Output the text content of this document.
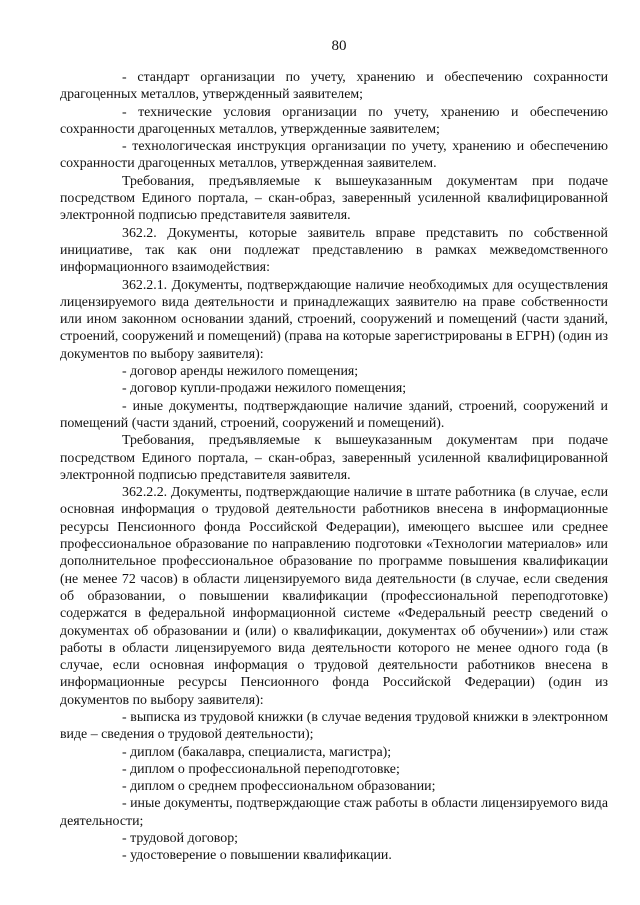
80

- стандарт организации по учету, хранению и обеспечению сохранности драгоценных металлов, утвержденный заявителем;

- технические условия организации по учету, хранению и обеспечению сохранности драгоценных металлов, утвержденные заявителем;

- технологическая инструкция организации по учету, хранению и обеспечению сохранности драгоценных металлов, утвержденная заявителем.

Требования, предъявляемые к вышеуказанным документам при подаче посредством Единого портала, – скан-образ, заверенный усиленной квалифицированной электронной подписью представителя заявителя.

362.2. Документы, которые заявитель вправе представить по собственной инициативе, так как они подлежат представлению в рамках межведомственного информационного взаимодействия:

362.2.1. Документы, подтверждающие наличие необходимых для осуществления лицензируемого вида деятельности и принадлежащих заявителю на праве собственности или ином законном основании зданий, строений, сооружений и помещений (части зданий, строений, сооружений и помещений) (права на которые зарегистрированы в ЕГРН) (один из документов по выбору заявителя):

- договор аренды нежилого помещения;

- договор купли-продажи нежилого помещения;

- иные документы, подтверждающие наличие зданий, строений, сооружений и помещений (части зданий, строений, сооружений и помещений).

Требования, предъявляемые к вышеуказанным документам при подаче посредством Единого портала, – скан-образ, заверенный усиленной квалифицированной электронной подписью представителя заявителя.

362.2.2. Документы, подтверждающие наличие в штате работника (в случае, если основная информация о трудовой деятельности работников внесена в информационные ресурсы Пенсионного фонда Российской Федерации), имеющего высшее или среднее профессиональное образование по направлению подготовки «Технологии материалов» или дополнительное профессиональное образование по программе повышения квалификации (не менее 72 часов) в области лицензируемого вида деятельности (в случае, если сведения об образовании, о повышении квалификации (профессиональной переподготовке) содержатся в федеральной информационной системе «Федеральный реестр сведений о документах об образовании и (или) о квалификации, документах об обучении») или стаж работы в области лицензируемого вида деятельности которого не менее одного года (в случае, если основная информация о трудовой деятельности работников внесена в информационные ресурсы Пенсионного фонда Российской Федерации) (один из документов по выбору заявителя):

- выписка из трудовой книжки (в случае ведения трудовой книжки в электронном виде – сведения о трудовой деятельности);

- диплом (бакалавра, специалиста, магистра);

- диплом о профессиональной переподготовке;

- диплом о среднем профессиональном образовании;

- иные документы, подтверждающие стаж работы в области лицензируемого вида деятельности;

- трудовой договор;

- удостоверение о повышении квалификации.
